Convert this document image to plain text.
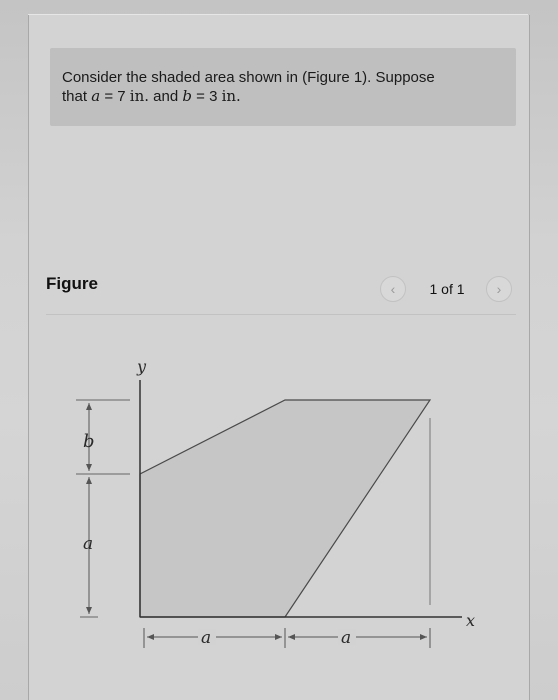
Consider the shaded area shown in (Figure 1). Suppose
that a = 7 in. and b = 3 in.
Figure	‹	1 of 1	›
y
x
b
a
a	a
